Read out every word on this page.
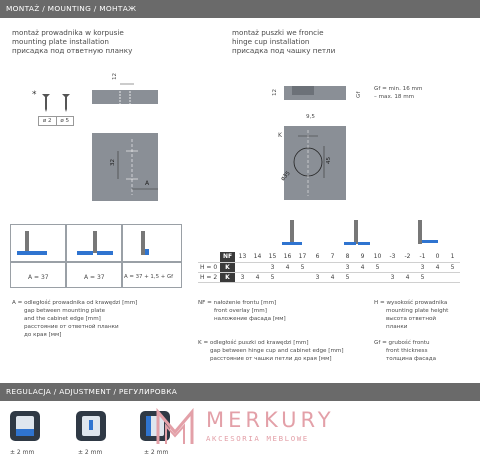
MONTAŻ / MOUNTING / МОНТАЖ
montaż prowadnika w korpusie
mounting plate installation
присадка под ответную планку
*
ø 2	ø 5
12
32
A
montaż puszki we froncie
hinge cup installation
присадка под чашку петли
12	Gf
Gf = min. 16 mm
– max. 18 mm
9,5
K
45
ø35
A = 37	A = 37	A = 37 + 1,5 + Gf
	NF	13	14	15	16	17	6	7	8	9	10	-3	-2	-1	0	1
H = 0	K			3	4	5			3	4	5			3	4	5
H = 2	K	3	4	5			3	4	5			3	4	5		
A = odległość prowadnika od krawędzi [mm]
gap between mounting plate
and the cabinet edge [mm]
расстояние от ответной планки
до края [мм]
NF = nałożenie frontu [mm]
front overlay [mm]
наложение фасада [мм]
K = odległość puszki od krawędzi [mm]
gap between hinge cup and cabinet edge [mm]
расстояние от чашки петли до края [мм]
H = wysokość prowadnika
mounting plate height
высота ответной
планки
Gf = grubość frontu
front thickness
толщина фасада
REGULACJA / ADJUSTMENT / РЕГУЛИРОВКА
± 2 mm	± 2 mm	± 2 mm
MERKURY
AKCESORIA MEBLOWE
